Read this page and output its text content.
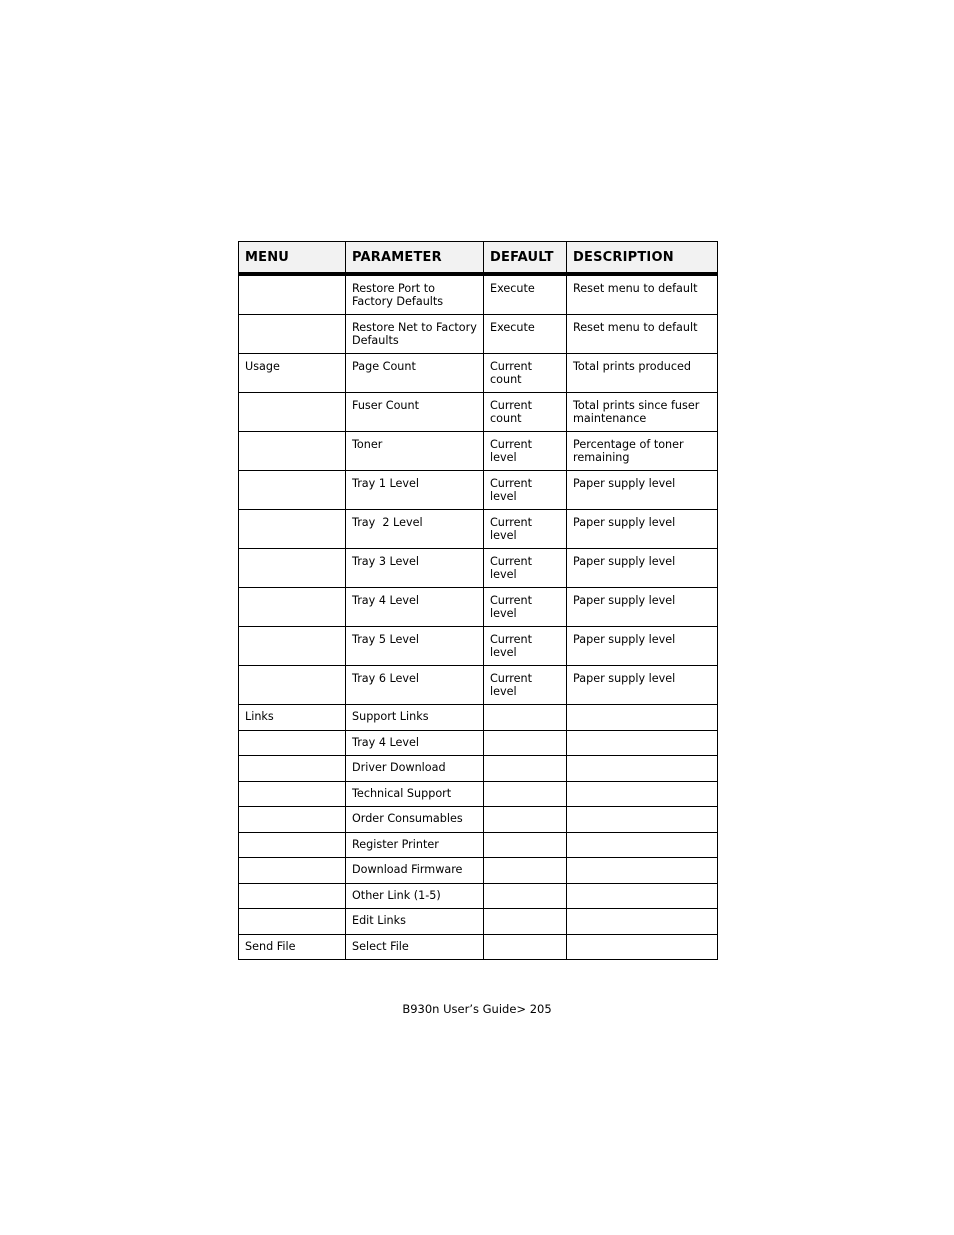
MENU	PARAMETER	DEFAULT	DESCRIPTION
	Restore Port to Factory Defaults	Execute	Reset menu to default
	Restore Net to Factory Defaults	Execute	Reset menu to default
Usage	Page Count	Current count	Total prints produced
	Fuser Count	Current count	Total prints since fuser maintenance
	Toner	Current level	Percentage of toner remaining
	Tray 1 Level	Current level	Paper supply level
	Tray  2 Level	Current level	Paper supply level
	Tray 3 Level	Current level	Paper supply level
	Tray 4 Level	Current level	Paper supply level
	Tray 5 Level	Current level	Paper supply level
	Tray 6 Level	Current level	Paper supply level
Links	Support Links		
	Tray 4 Level		
	Driver Download		
	Technical Support		
	Order Consumables		
	Register Printer		
	Download Firmware		
	Other Link (1-5)		
	Edit Links		
Send File	Select File		
B930n User’s Guide> 205
